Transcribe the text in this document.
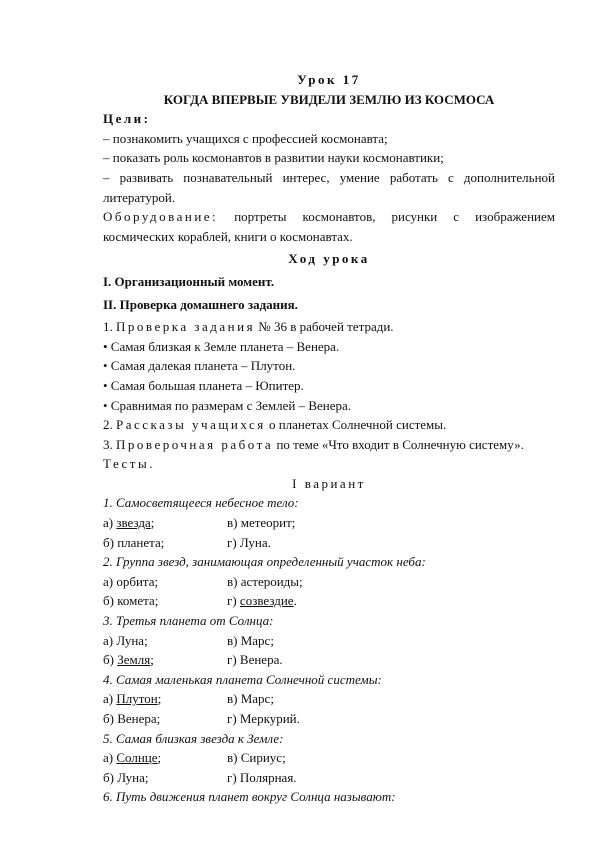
Урок 17

КОГДА ВПЕРВЫЕ УВИДЕЛИ ЗЕМЛЮ ИЗ КОСМОСА

Цели:

– познакомить учащихся с профессией космонавта;

– показать роль космонавтов в развитии науки космонавтики;

– развивать познавательный интерес, умение работать с дополнительной литературой.

Оборудование: портреты космонавтов, рисунки с изображением космических кораблей, книги о космонавтах.

Ход урока

I. Организационный момент.

II. Проверка домашнего задания.

1. Проверка задания № 36 в рабочей тетради.

• Самая близкая к Земле планета – Венера.

• Самая далекая планета – Плутон.

• Самая большая планета – Юпитер.

• Сравнимая по размерам с Землей – Венера.

2. Рассказы учащихся о планетах Солнечной системы.

3. Проверочная работа по теме «Что входит в Солнечную систему».

Тесты.

I вариант

1. Самосветящееся небесное тело:

а) звезда;	в) метеорит;
б) планета;	г) Луна.

2. Группа звезд, занимающая определенный участок неба:

а) орбита;	в) астероиды;
б) комета;	г) созвездие.

3. Третья планета от Солнца:

а) Луна;	в) Марс;
б) Земля;	г) Венера.

4. Самая маленькая планета Солнечной системы:

а) Плутон;	в) Марс;
б) Венера;	г) Меркурий.

5. Самая близкая звезда к Земле:

а) Солнце;	в) Сириус;
б) Луна;	г) Полярная.

6. Путь движения планет вокруг Солнца называют:
